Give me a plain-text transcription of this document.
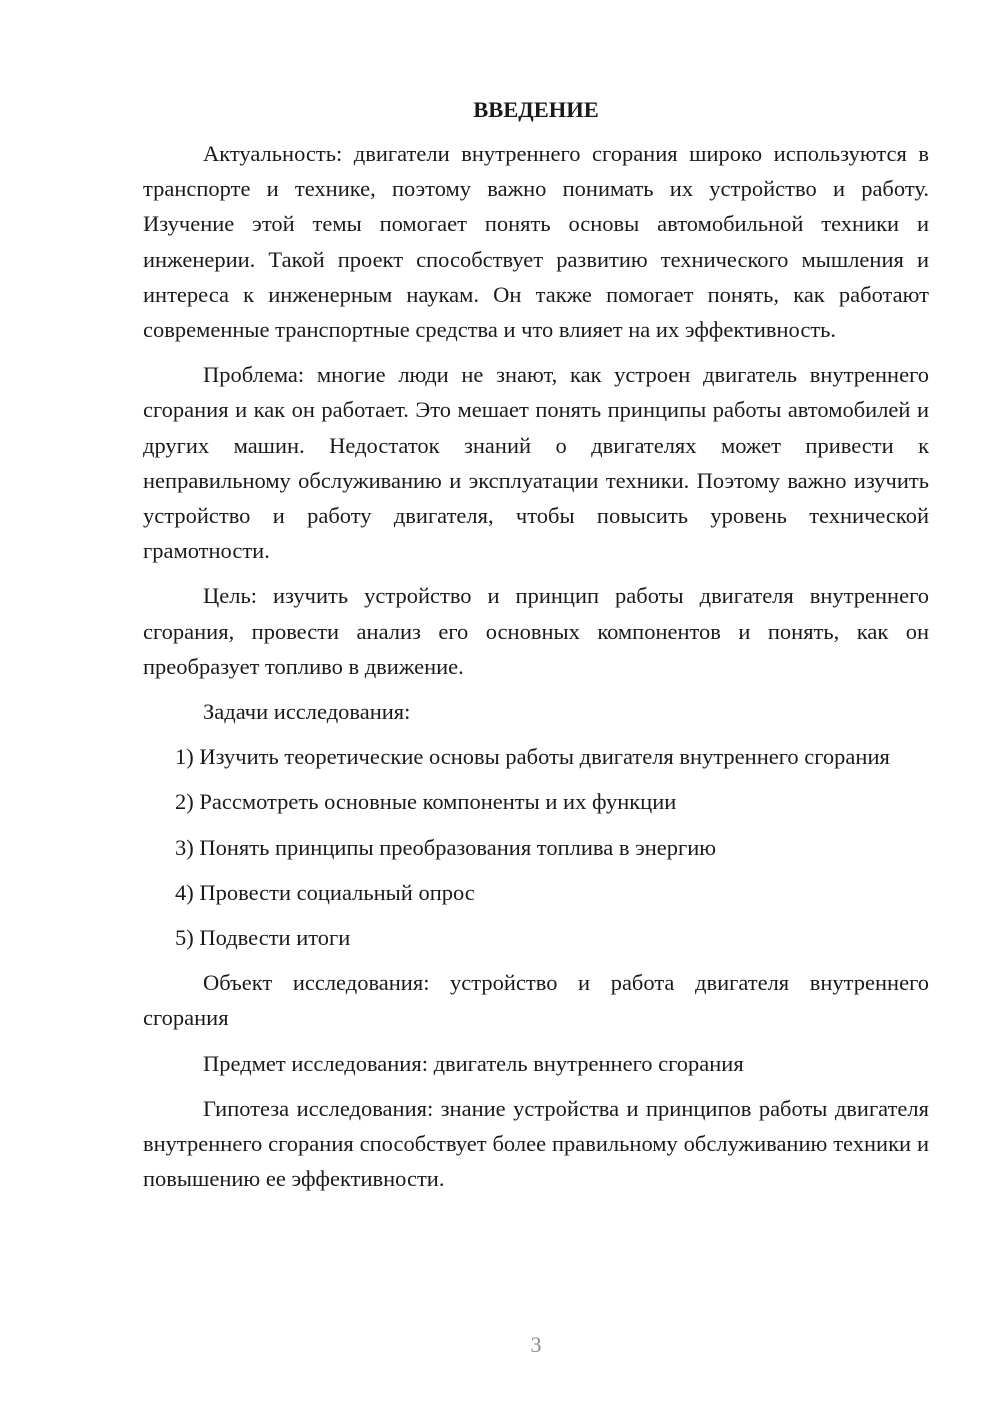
ВВЕДЕНИЕ
Актуальность: двигатели внутреннего сгорания широко используются в транспорте и технике, поэтому важно понимать их устройство и работу. Изучение этой темы помогает понять основы автомобильной техники и инженерии. Такой проект способствует развитию технического мышления и интереса к инженерным наукам. Он также помогает понять, как работают современные транспортные средства и что влияет на их эффективность.
Проблема: многие люди не знают, как устроен двигатель внутреннего сгорания и как он работает. Это мешает понять принципы работы автомобилей и других машин. Недостаток знаний о двигателях может привести к неправильному обслуживанию и эксплуатации техники. Поэтому важно изучить устройство и работу двигателя, чтобы повысить уровень технической грамотности.
Цель: изучить устройство и принцип работы двигателя внутреннего сгорания, провести анализ его основных компонентов и понять, как он преобразует топливо в движение.
Задачи исследования:
1) Изучить теоретические основы работы двигателя внутреннего сгорания
2) Рассмотреть основные компоненты и их функции
3) Понять принципы преобразования топлива в энергию
4) Провести социальный опрос
5) Подвести итоги
Объект исследования: устройство и работа двигателя внутреннего сгорания
Предмет исследования: двигатель внутреннего сгорания
Гипотеза исследования: знание устройства и принципов работы двигателя внутреннего сгорания способствует более правильному обслуживанию техники и повышению ее эффективности.
3
